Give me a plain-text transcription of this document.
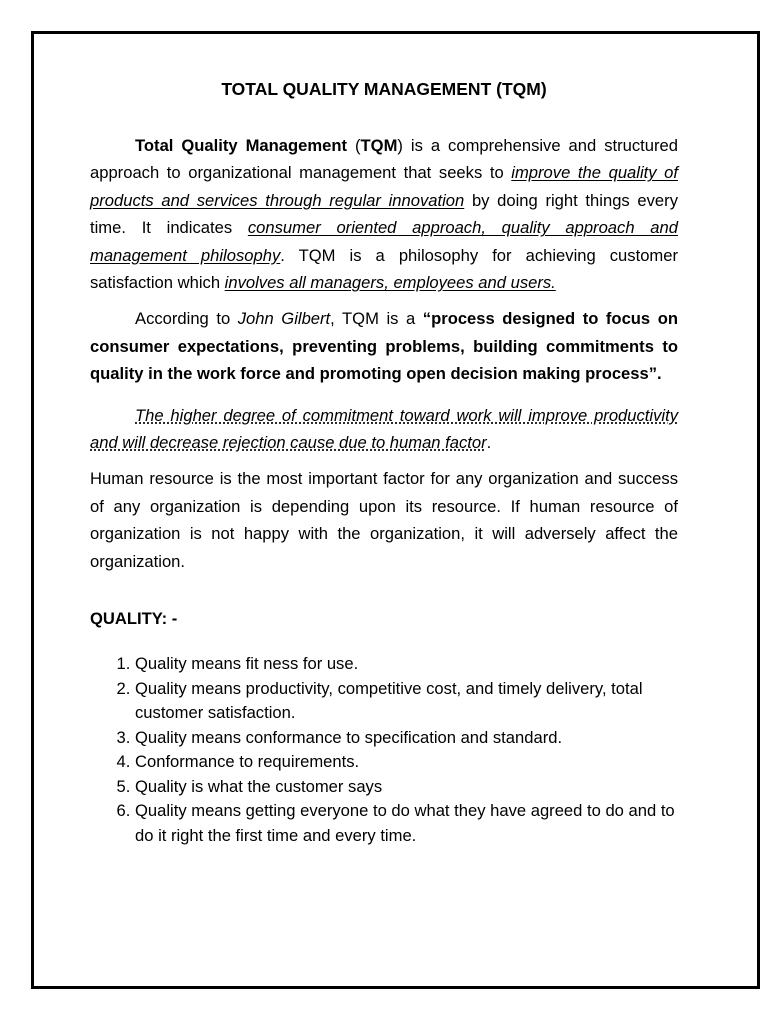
TOTAL QUALITY MANAGEMENT (TQM)

Total Quality Management (TQM) is a comprehensive and structured approach to organizational management that seeks to improve the quality of products and services through regular innovation by doing right things every time. It indicates consumer oriented approach, quality approach and management philosophy. TQM is a philosophy for achieving customer satisfaction which involves all managers, employees and users.

According to John Gilbert, TQM is a “process designed to focus on consumer expectations, preventing problems, building commitments to quality in the work force and promoting open decision making process”.

The higher degree of commitment toward work will improve productivity and will decrease rejection cause due to human factor.

Human resource is the most important factor for any organization and success of any organization is depending upon its resource. If human resource of organization is not happy with the organization, it will adversely affect the organization.

QUALITY: -
1. Quality means fit ness for use.
2. Quality means productivity, competitive cost, and timely delivery, total customer satisfaction.
3. Quality means conformance to specification and standard.
4. Conformance to requirements.
5. Quality is what the customer says
6. Quality means getting everyone to do what they have agreed to do and to do it right the first time and every time.
